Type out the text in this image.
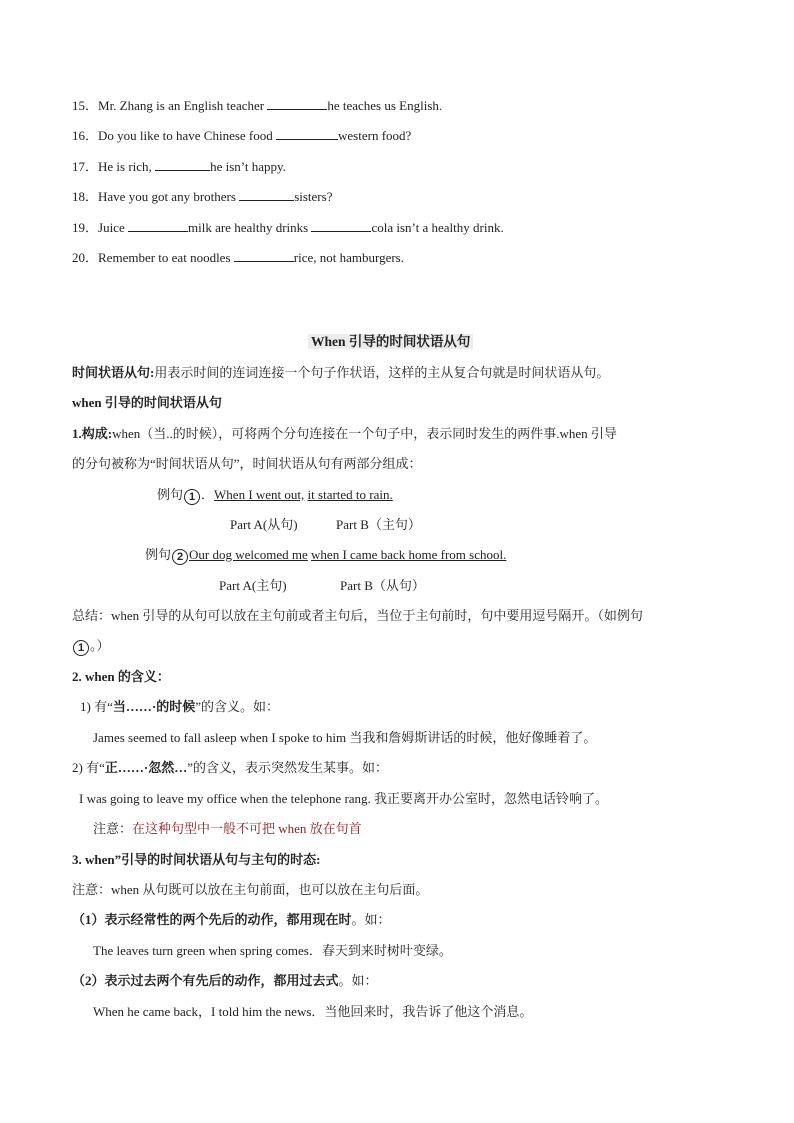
15．Mr. Zhang is an English teacher	he teaches us English.
16．Do you like to have Chinese food	western food?
17．He is rich,	he isn’t happy.
18．Have you got any brothers	sisters?
19．Juice	milk are healthy drinks	cola isn’t a healthy drink.
20．Remember to eat noodles	rice, not hamburgers.
When 引导的时间状语从句
时间状语从句:用表示时间的连词连接一个句子作状语，这样的主从复合句就是时间状语从句。
when 引导的时间状语从句
1.构成:when（当..的时候），可将两个分句连接在一个句子中，表示同时发生的两件事.when 引导
的分句被称为“时间状语从句”，时间状语从句有两部分组成：
例句 1 ．When I went out, it started to rain.
Part A(从句)	Part B（主句）
例句 2 Our dog welcomed me when I came back home from school.
Part A(主句)	Part B（从句）
总结：when 引导的从句可以放在主句前或者主句后，当位于主句前时，句中要用逗号隔开。（如例句
1 。）
2. when 的含义：
1) 有“当……·的时候”的含义。如：
James seemed to fall asleep when I spoke to him 当我和詹姆斯讲话的时候，他好像睡着了。
2) 有“正……·忽然…”的含义，表示突然发生某事。如：
I was going to leave my office when the telephone rang. 我正要离开办公室时，忽然电话铃响了。
注意：在这种句型中一般不可把 when 放在句首
3. when”引导的时间状语从句与主句的时态:
注意：when 从句既可以放在主句前面，也可以放在主句后面。
（1）表示经常性的两个先后的动作，都用现在时。如：
The leaves turn green when spring comes．春天到来时树叶变绿。
（2）表示过去两个有先后的动作，都用过去式。如：
When he came back，I told him the news．当他回来时，我告诉了他这个消息。
